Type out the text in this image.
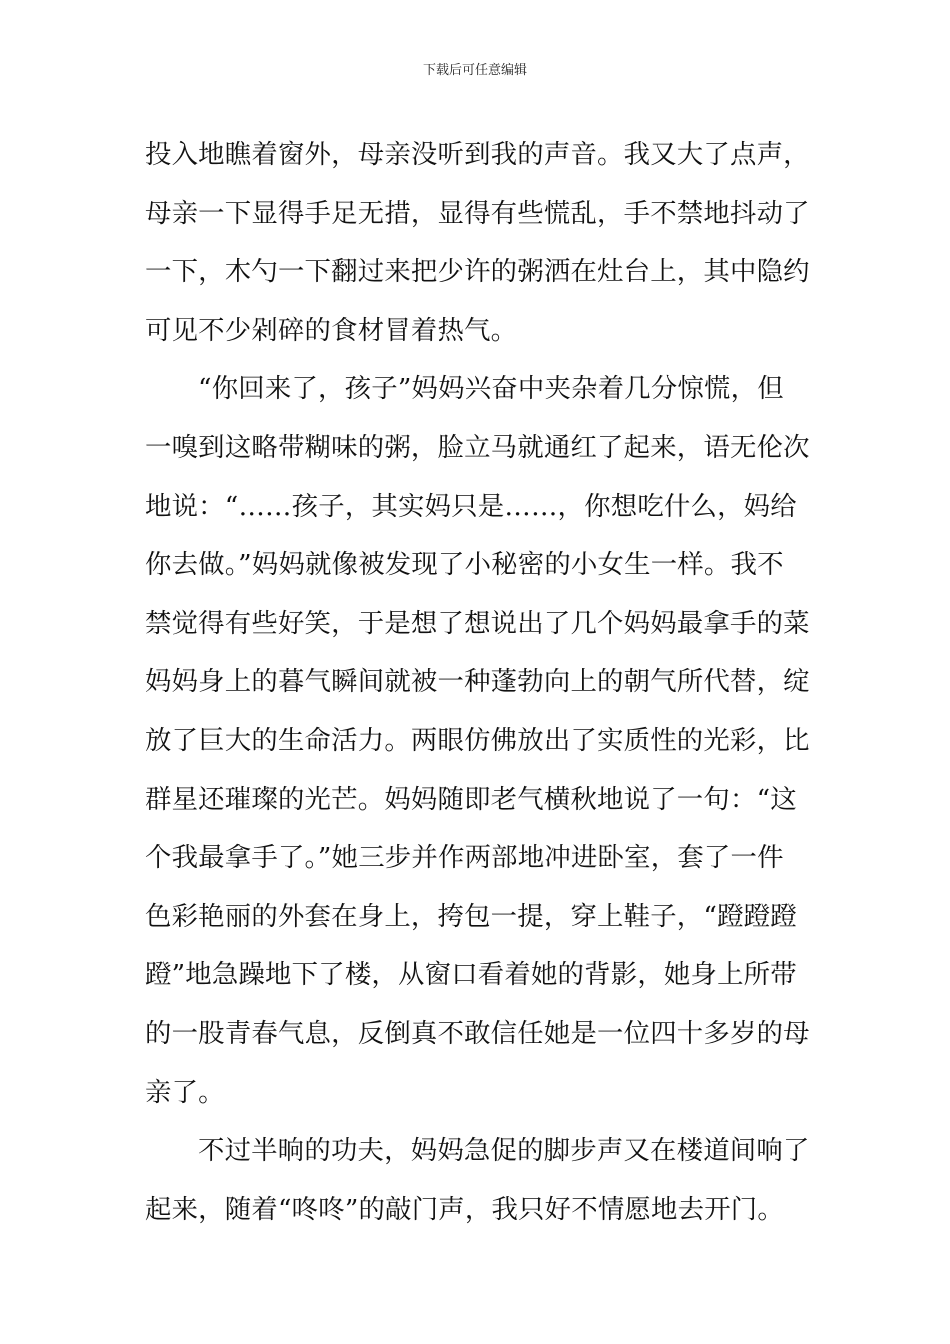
下载后可任意编辑
投入地瞧着窗外，母亲没听到我的声音。我又大了点声，
母亲一下显得手足无措，显得有些慌乱，手不禁地抖动了
一下，木勺一下翻过来把少许的粥洒在灶台上，其中隐约
可见不少剁碎的食材冒着热气。
“你回来了，孩子”妈妈兴奋中夹杂着几分惊慌，但
一嗅到这略带糊味的粥，脸立马就通红了起来，语无伦次
地说：“……孩子，其实妈只是……，你想吃什么，妈给
你去做。”妈妈就像被发现了小秘密的小女生一样。我不
禁觉得有些好笑，于是想了想说出了几个妈妈最拿手的菜
妈妈身上的暮气瞬间就被一种蓬勃向上的朝气所代替，绽
放了巨大的生命活力。两眼仿佛放出了实质性的光彩，比
群星还璀璨的光芒。妈妈随即老气横秋地说了一句：“这
个我最拿手了。”她三步并作两部地冲进卧室，套了一件
色彩艳丽的外套在身上，挎包一提，穿上鞋子，“蹬蹬蹬
蹬”地急躁地下了楼，从窗口看着她的背影，她身上所带
的一股青春气息，反倒真不敢信任她是一位四十多岁的母
亲了。
不过半晌的功夫，妈妈急促的脚步声又在楼道间响了
起来，随着“咚咚”的敲门声，我只好不情愿地去开门。
